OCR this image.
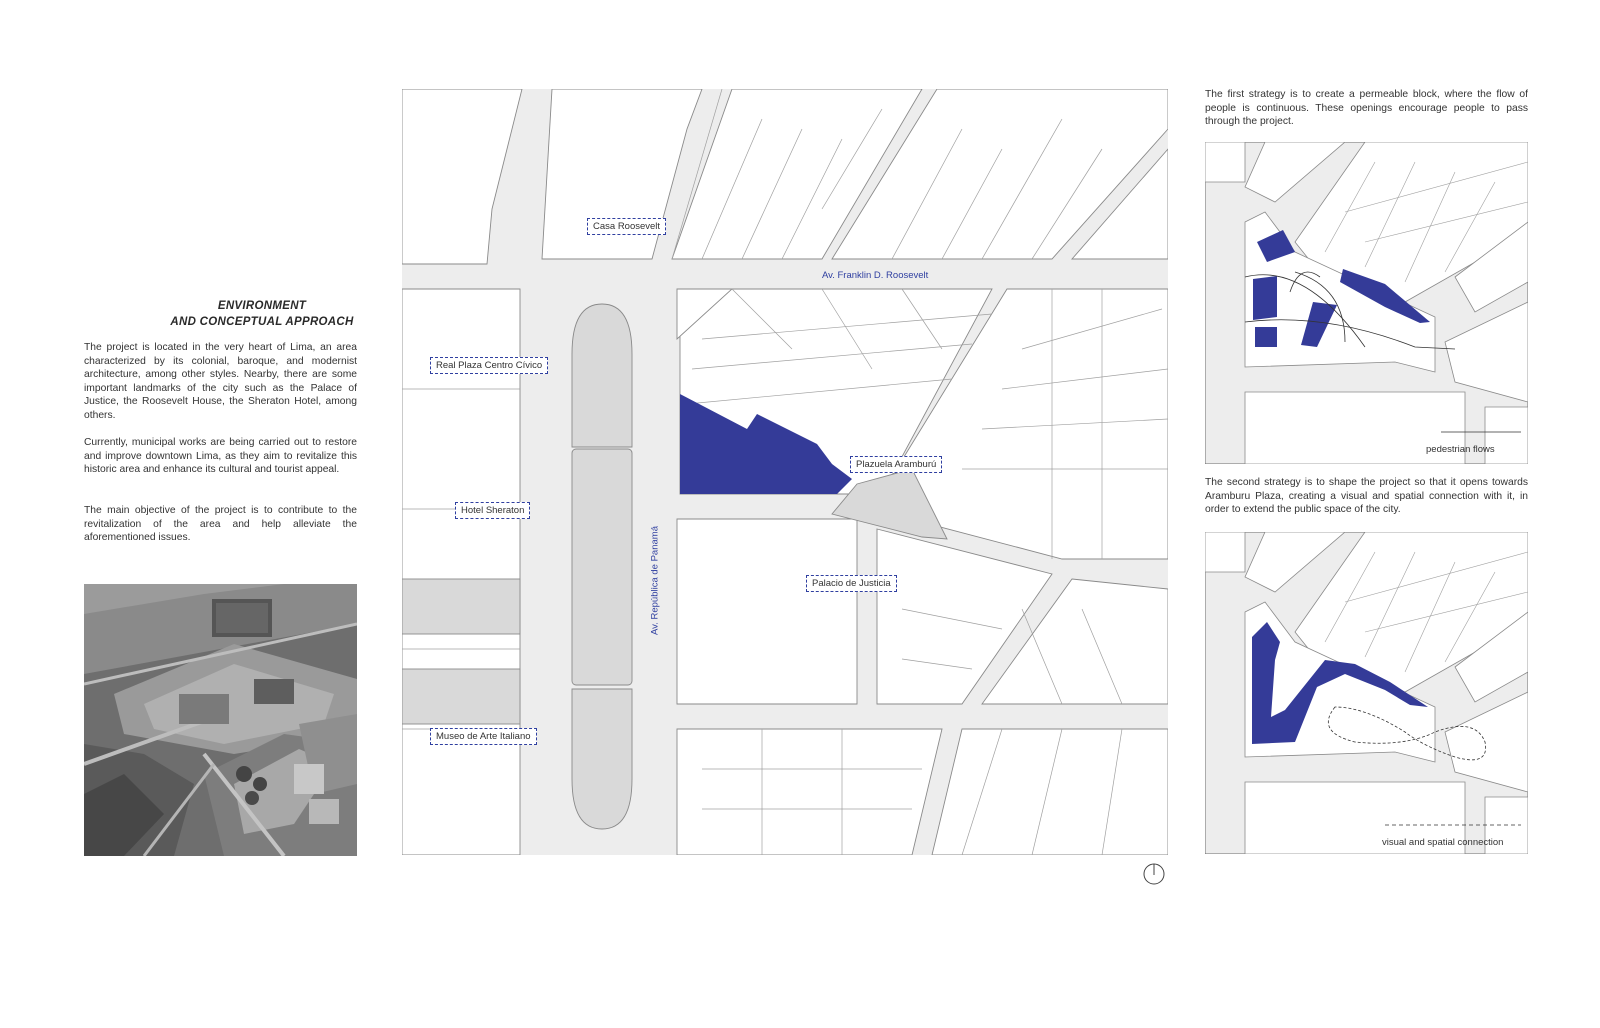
ENVIRONMENT
AND CONCEPTUAL APPROACH

The project is located in the very heart of Lima, an area characterized by its colonial, baroque, and modernist architecture, among other styles. Nearby, there are some important landmarks of the city such as the Palace of Justice, the Roosevelt House, the Sheraton Hotel, among others.

Currently, municipal works are being carried out to restore and improve downtown Lima, as they aim to revitalize this historic area and enhance its cultural and tourist appeal.

The main objective of the project is to contribute to the revitalization of the area and help alleviate the aforementioned issues.

Av. Franklin D. Roosevelt
Av. República de Panamá
Casa Roosevelt
Real Plaza Centro Cívico
Hotel Sheraton
Museo de Arte Italiano
Plazuela Aramburú
Palacio de Justicia

The first strategy is to create a permeable block, where the flow of people is continuous. These openings encourage people to pass through the project.

pedestrian flows

The second strategy is to shape the project so that it opens towards Aramburu Plaza, creating a visual and spatial connection with it, in order to extend the public space of the city.

visual and spatial connection
